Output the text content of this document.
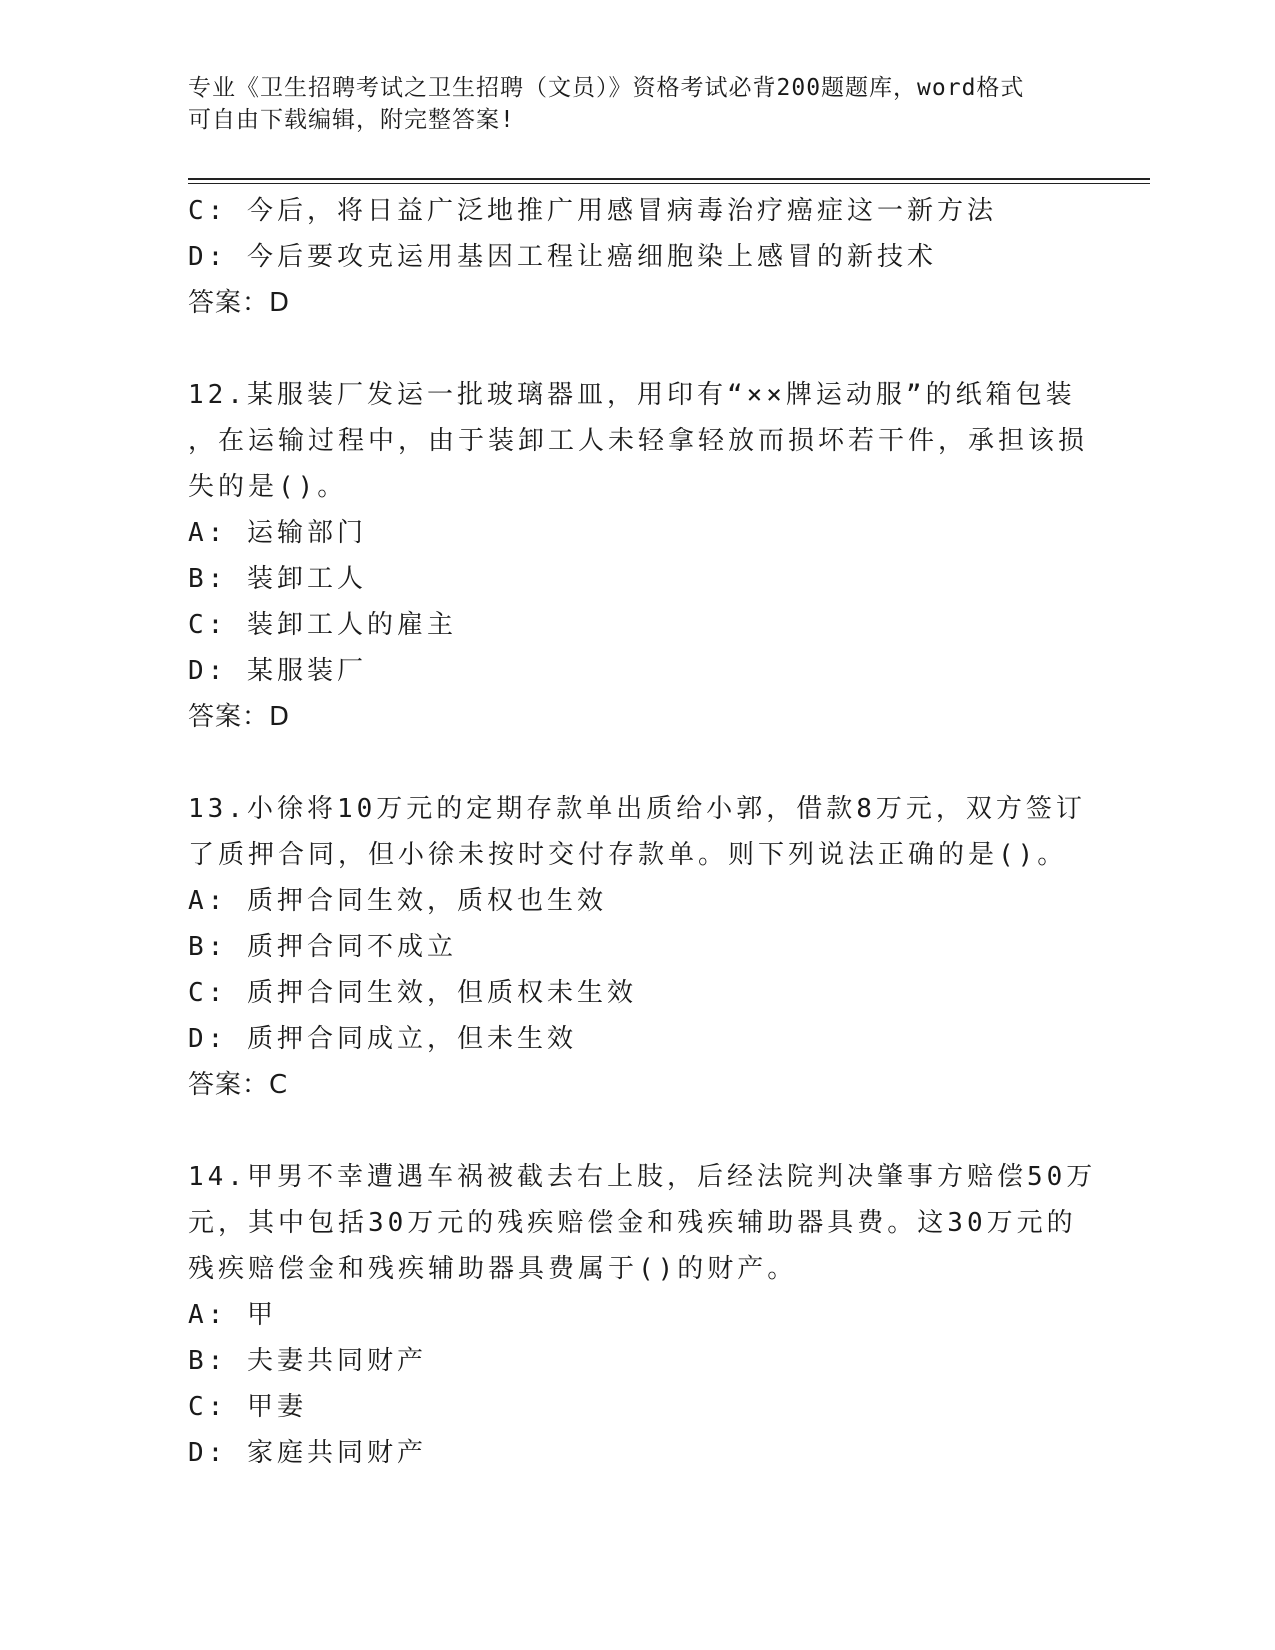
专业《卫生招聘考试之卫生招聘（文员）》资格考试必背200题题库，word格式
可自由下载编辑，附完整答案!
C: 今后，将日益广泛地推广用感冒病毒治疗癌症这一新方法
D: 今后要攻克运用基因工程让癌细胞染上感冒的新技术
答案：D
12.某服装厂发运一批玻璃器皿，用印有“××牌运动服”的纸箱包装
，在运输过程中，由于装卸工人未轻拿轻放而损坏若干件，承担该损
失的是()。
A: 运输部门
B: 装卸工人
C: 装卸工人的雇主
D: 某服装厂
答案：D
13.小徐将10万元的定期存款单出质给小郭，借款8万元，双方签订
了质押合同，但小徐未按时交付存款单。则下列说法正确的是()。
A: 质押合同生效，质权也生效
B: 质押合同不成立
C: 质押合同生效，但质权未生效
D: 质押合同成立，但未生效
答案：C
14.甲男不幸遭遇车祸被截去右上肢，后经法院判决肇事方赔偿50万
元，其中包括30万元的残疾赔偿金和残疾辅助器具费。这30万元的
残疾赔偿金和残疾辅助器具费属于()的财产。
A: 甲
B: 夫妻共同财产
C: 甲妻
D: 家庭共同财产
